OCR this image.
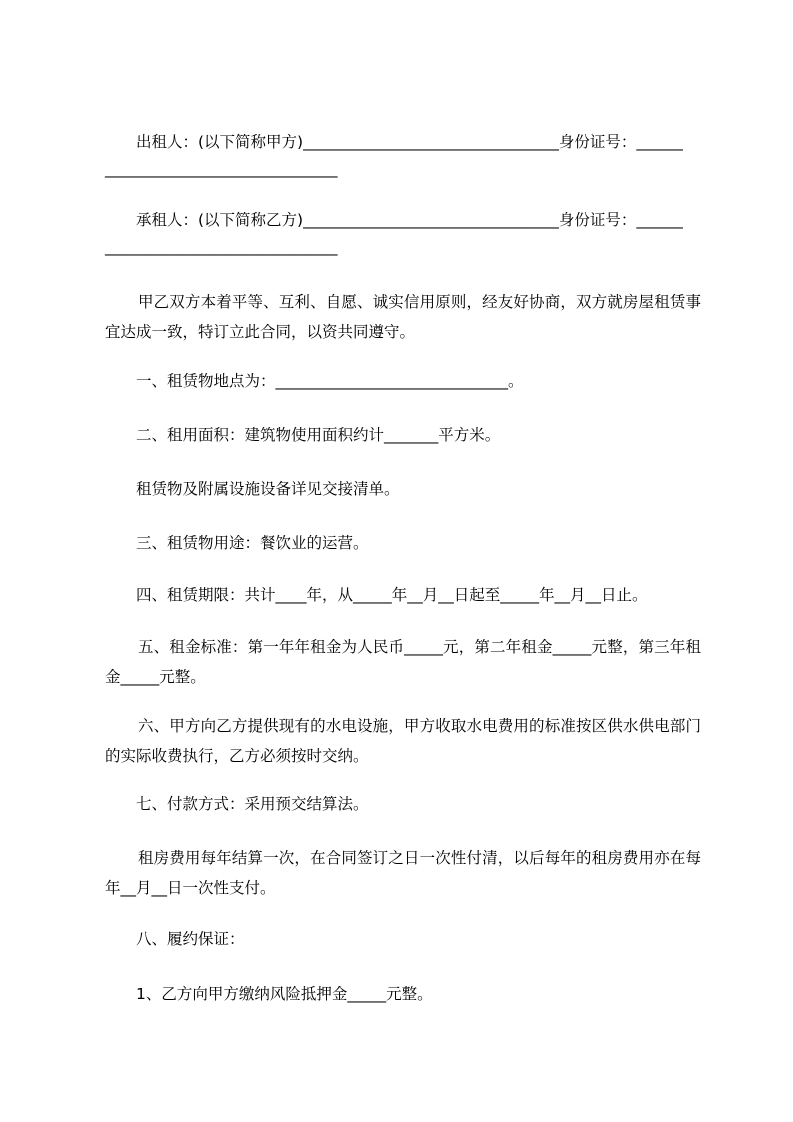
出租人：(以下简称甲方)_________________________________身份证号：______
______________________________
承租人：(以下简称乙方)_________________________________身份证号：______
______________________________
甲乙双方本着平等、互利、自愿、诚实信用原则，经友好协商，双方就房屋租赁事宜达成一致，特订立此合同，以资共同遵守。
一、租赁物地点为：______________________________。
二、租用面积：建筑物使用面积约计_______平方米。
租赁物及附属设施设备详见交接清单。
三、租赁物用途：餐饮业的运营。
四、租赁期限：共计____年，从_____年__月__日起至_____年__月__日止。
五、租金标准：第一年年租金为人民币_____元，第二年租金_____元整，第三年租金_____元整。
六、甲方向乙方提供现有的水电设施，甲方收取水电费用的标准按区供水供电部门的实际收费执行，乙方必须按时交纳。
七、付款方式：采用预交结算法。
租房费用每年结算一次，在合同签订之日一次性付清，以后每年的租房费用亦在每年__月__日一次性支付。
八、履约保证：
1、乙方向甲方缴纳风险抵押金_____元整。
